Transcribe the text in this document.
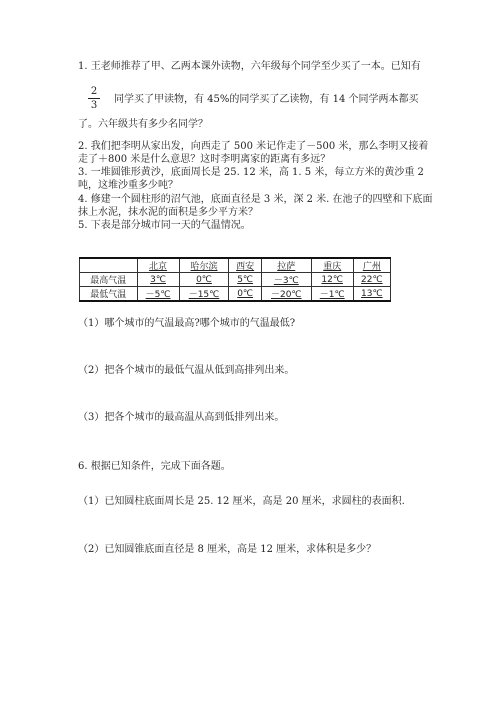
1. 王老师推荐了甲、乙两本课外读物，六年级每个同学至少买了一本。已知有
2
3
同学买了甲读物，有 45%的同学买了乙读物，有 14 个同学两本都买
了。六年级共有多少名同学？
2. 我们把李明从家出发，向西走了 500 米记作走了－500 米，那么李明又接着
走了＋800 米是什么意思？这时李明离家的距离有多远？
3. 一堆圆锥形黄沙，底面周长是 25. 12 米，高 1. 5 米，每立方米的黄沙重 2
吨，这堆沙重多少吨？
4. 修建一个圆柱形的沼气池，底面直径是 3 米，深 2 米. 在池子的四壁和下底面
抹上水泥，抹水泥的面积是多少平方米？
5. 下表是部分城市同一天的气温情况。
	北京	哈尔滨	西安	拉萨	重庆	广州
最高气温	3℃	0℃	5℃	－3℃	12℃	22℃
最低气温	－5℃	－15℃	0℃	－20℃	－1℃	13℃
（1）哪个城市的气温最高?哪个城市的气温最低?
（2）把各个城市的最低气温从低到高排列出来。
（3）把各个城市的最高温从高到低排列出来。
6. 根据已知条件，完成下面各题。
（1）已知圆柱底面周长是 25. 12 厘米，高是 20 厘米，求圆柱的表面积.
（2）已知圆锥底面直径是 8 厘米，高是 12 厘米，求体积是多少？
